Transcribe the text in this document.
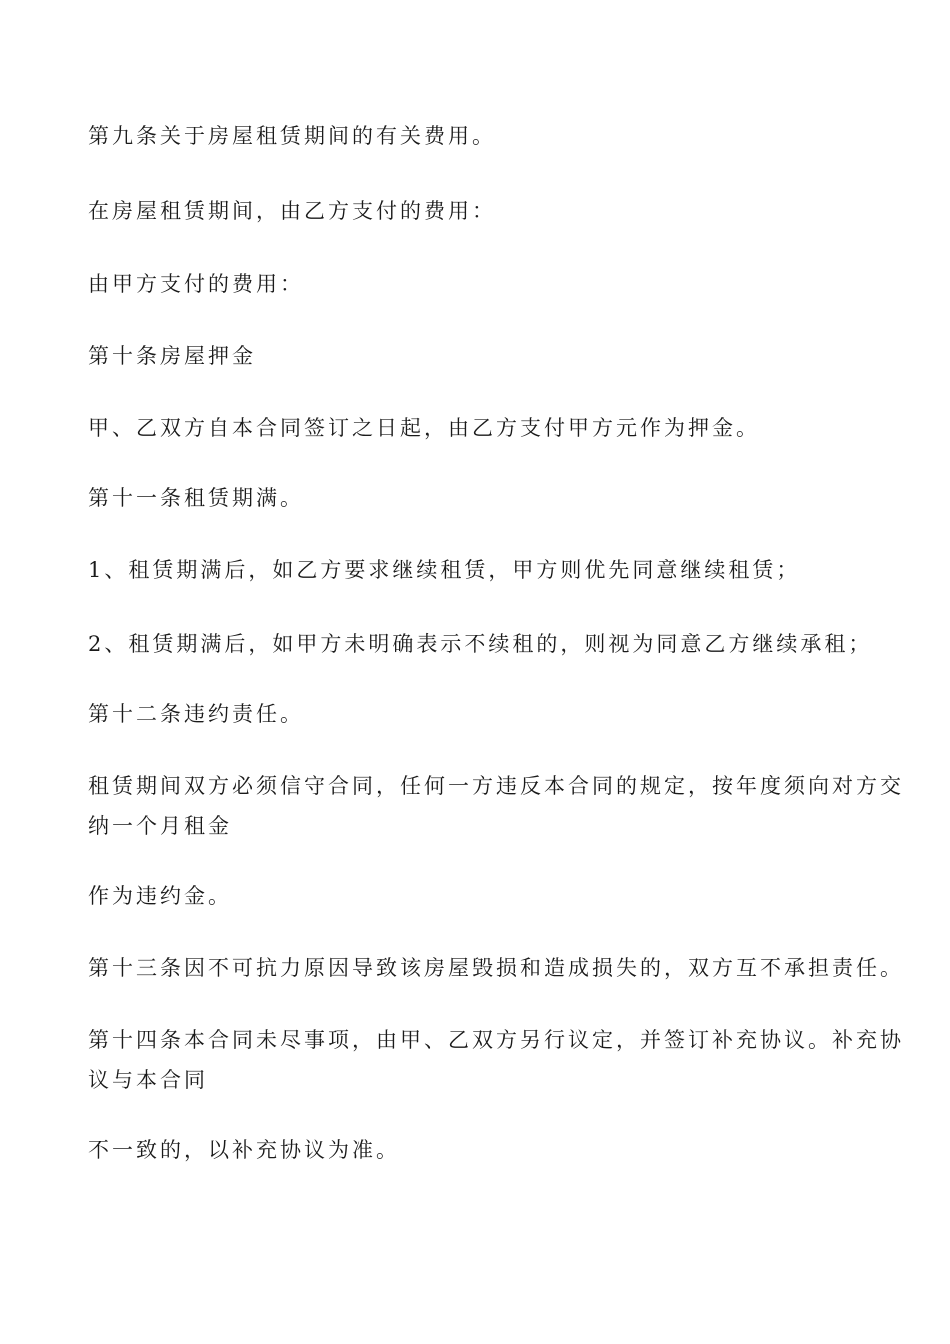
第九条关于房屋租赁期间的有关费用。
在房屋租赁期间，由乙方支付的费用：
由甲方支付的费用：
第十条房屋押金
甲、乙双方自本合同签订之日起，由乙方支付甲方元作为押金。
第十一条租赁期满。
1、租赁期满后，如乙方要求继续租赁，甲方则优先同意继续租赁；
2、租赁期满后，如甲方未明确表示不续租的，则视为同意乙方继续承租；
第十二条违约责任。
租赁期间双方必须信守合同，任何一方违反本合同的规定，按年度须向对方交
纳一个月租金
作为违约金。
第十三条因不可抗力原因导致该房屋毁损和造成损失的，双方互不承担责任。
第十四条本合同未尽事项，由甲、乙双方另行议定，并签订补充协议。补充协
议与本合同
不一致的，以补充协议为准。
